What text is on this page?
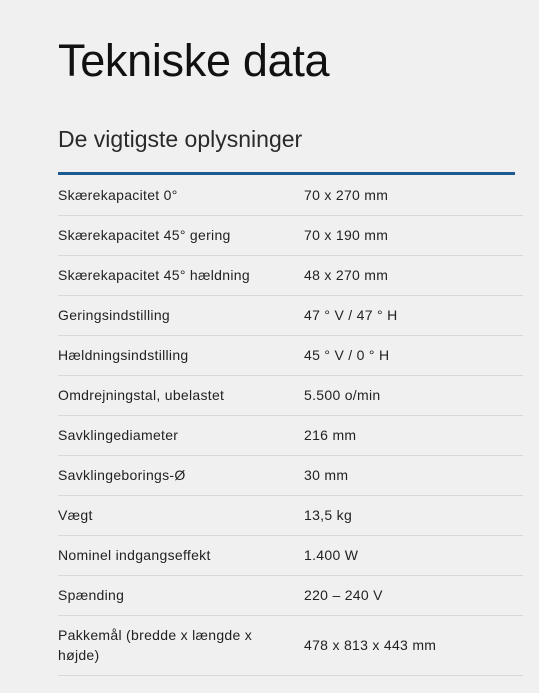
Tekniske data
De vigtigste oplysninger
Skærekapacitet 0°	70 x 270 mm
Skærekapacitet 45° gering	70 x 190 mm
Skærekapacitet 45° hældning	48 x 270 mm
Geringsindstilling	47 ° V / 47 ° H
Hældningsindstilling	45 ° V / 0 ° H
Omdrejningstal, ubelastet	5.500 o/min
Savklingediameter	216 mm
Savklingeborings-Ø	30 mm
Vægt	13,5 kg
Nominel indgangseffekt	1.400 W
Spænding	220 – 240 V
Pakkemål (bredde x længde x højde)	478 x 813 x 443 mm
